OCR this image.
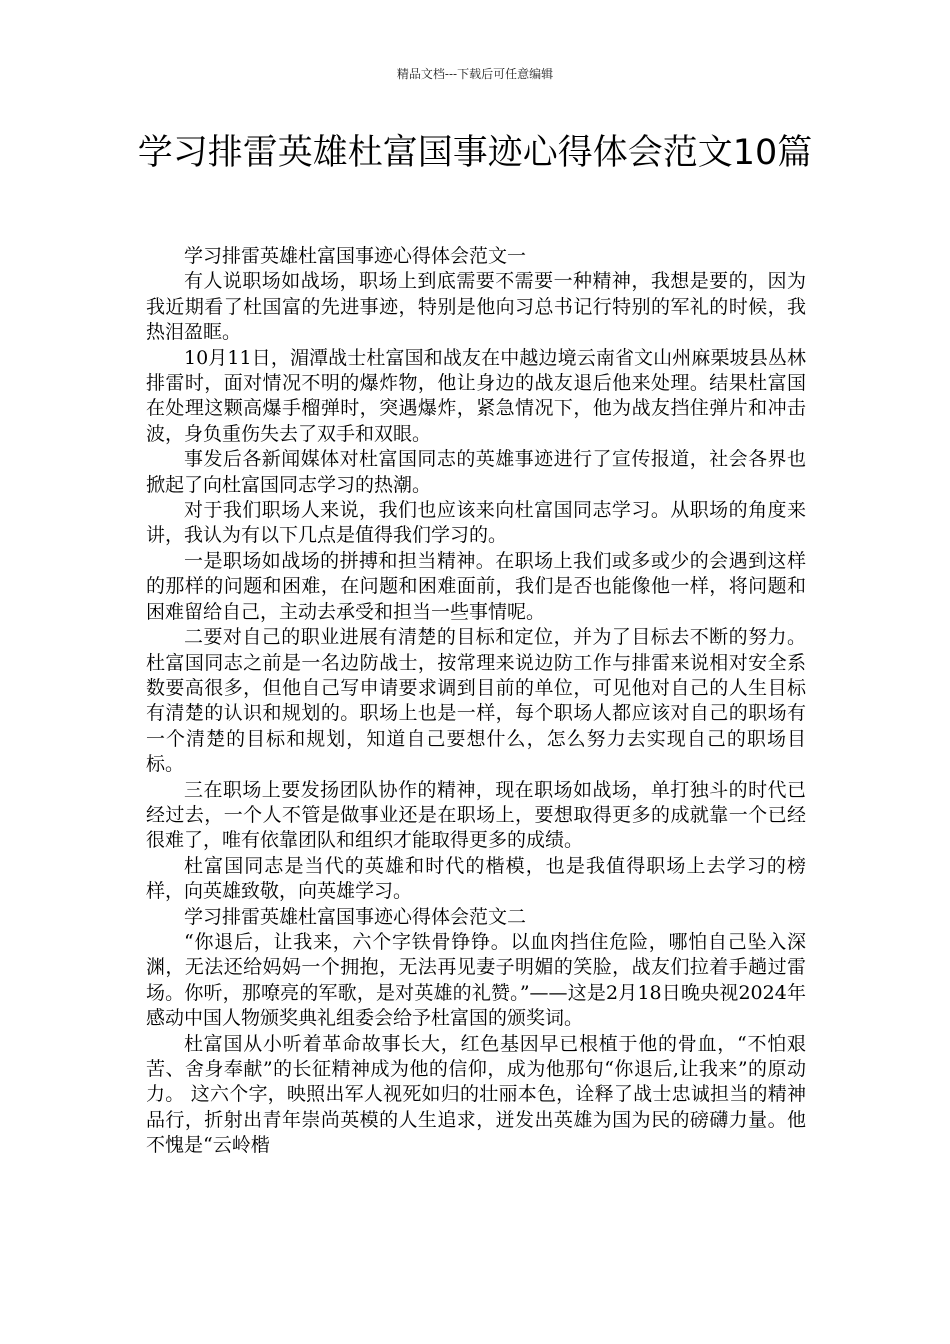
精品文档---下载后可任意编辑
学习排雷英雄杜富国事迹心得体会范文10篇

学习排雷英雄杜富国事迹心得体会范文一

有人说职场如战场，职场上到底需要不需要一种精神，我想是要的，因为我近期看了杜国富的先进事迹，特别是他向习总书记行特别的军礼的时候，我热泪盈眶。

10月11日，湄潭战士杜富国和战友在中越边境云南省文山州麻栗坡县丛林排雷时，面对情况不明的爆炸物，他让身边的战友退后他来处理。结果杜富国在处理这颗高爆手榴弹时，突遇爆炸，紧急情况下，他为战友挡住弹片和冲击波，身负重伤失去了双手和双眼。

事发后各新闻媒体对杜富国同志的英雄事迹进行了宣传报道，社会各界也掀起了向杜富国同志学习的热潮。

对于我们职场人来说，我们也应该来向杜富国同志学习。从职场的角度来讲，我认为有以下几点是值得我们学习的。

一是职场如战场的拼搏和担当精神。在职场上我们或多或少的会遇到这样的那样的问题和困难，在问题和困难面前，我们是否也能像他一样，将问题和困难留给自己，主动去承受和担当一些事情呢。

二要对自己的职业进展有清楚的目标和定位，并为了目标去不断的努力。杜富国同志之前是一名边防战士，按常理来说边防工作与排雷来说相对安全系数要高很多，但他自己写申请要求调到目前的单位，可见他对自己的人生目标有清楚的认识和规划的。职场上也是一样，每个职场人都应该对自己的职场有一个清楚的目标和规划，知道自己要想什么，怎么努力去实现自己的职场目标。

三在职场上要发扬团队协作的精神，现在职场如战场，单打独斗的时代已经过去，一个人不管是做事业还是在职场上，要想取得更多的成就靠一个已经很难了，唯有依靠团队和组织才能取得更多的成绩。

杜富国同志是当代的英雄和时代的楷模，也是我值得职场上去学习的榜样，向英雄致敬，向英雄学习。

学习排雷英雄杜富国事迹心得体会范文二

“你退后，让我来，六个字铁骨铮铮。以血肉挡住危险，哪怕自己坠入深渊，无法还给妈妈一个拥抱，无法再见妻子明媚的笑脸，战友们拉着手趟过雷场。你听，那嘹亮的军歌，是对英雄的礼赞。”——这是2月18日晚央视2024年感动中国人物颁奖典礼组委会给予杜富国的颁奖词。

杜富国从小听着革命故事长大，红色基因早已根植于他的骨血，“不怕艰苦、舍身奉献”的长征精神成为他的信仰，成为他那句“你退后,让我来”的原动力。 这六个字，映照出军人视死如归的壮丽本色，诠释了战士忠诚担当的精神品行，折射出青年崇尚英模的人生追求，迸发出英雄为国为民的磅礴力量。他不愧是“云岭楷
